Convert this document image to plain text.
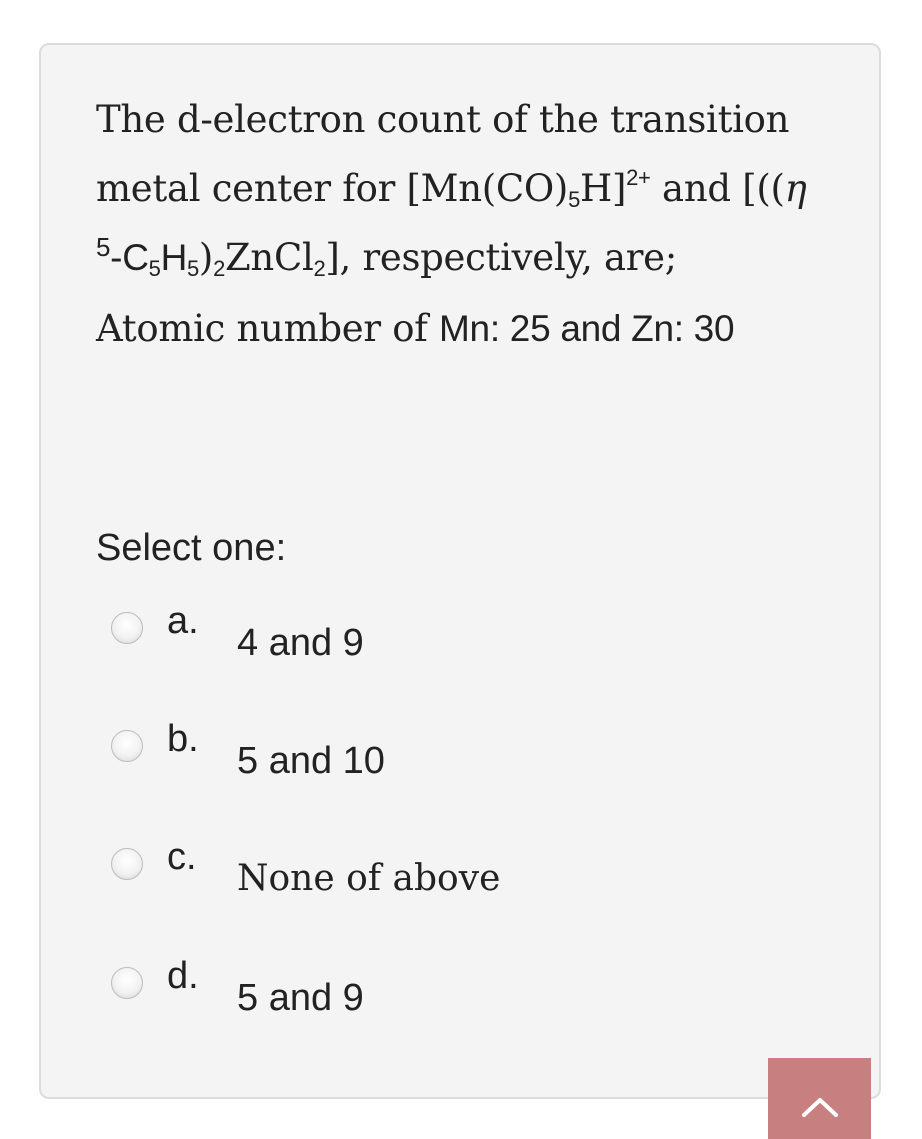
The d-electron count of the transition
metal center for $[Mn(CO)_5H]^{2+}$ and [((η
$^5-C_5H_5)_2ZnCl_2$], respectively, are;
Atomic number of Mn: 25 and Zn: 30
Select one:
a.
4 and 9
b.
5 and 10
c.
None of above
d.
5 and 9
